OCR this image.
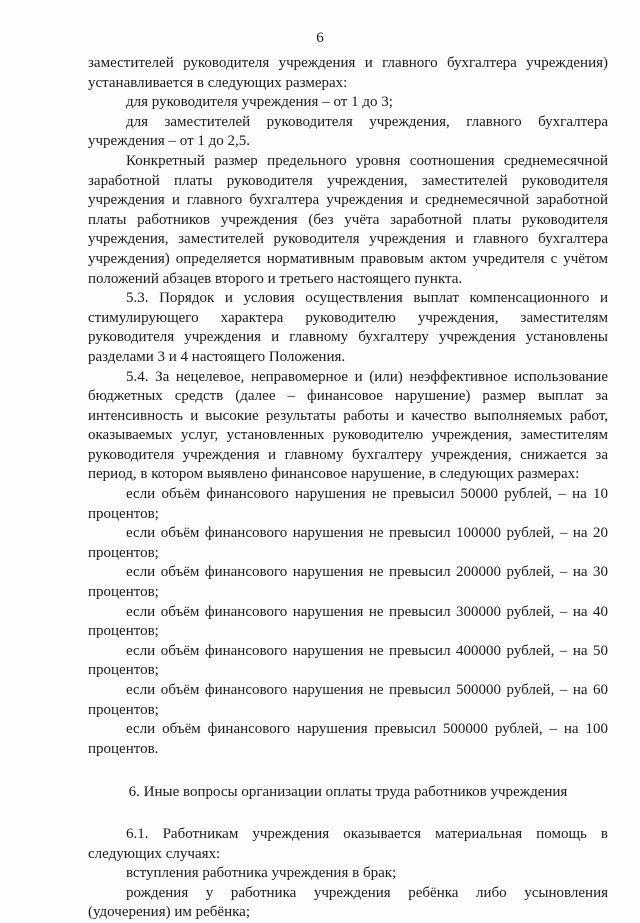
6

заместителей руководителя учреждения и главного бухгалтера учреждения) устанавливается в следующих размерах:

для руководителя учреждения – от 1 до 3;

для заместителей руководителя учреждения, главного бухгалтера учреждения – от 1 до 2,5.

Конкретный размер предельного уровня соотношения среднемесячной заработной платы руководителя учреждения, заместителей руководителя учреждения и главного бухгалтера учреждения и среднемесячной заработной платы работников учреждения (без учёта заработной платы руководителя учреждения, заместителей руководителя учреждения и главного бухгалтера учреждения) определяется нормативным правовым актом учредителя с учётом положений абзацев второго и третьего настоящего пункта.

5.3. Порядок и условия осуществления выплат компенсационного и стимулирующего характера руководителю учреждения, заместителям руководителя учреждения и главному бухгалтеру учреждения установлены разделами 3 и 4 настоящего Положения.

5.4. За нецелевое, неправомерное и (или) неэффективное использование бюджетных средств (далее – финансовое нарушение) размер выплат за интенсивность и высокие результаты работы и качество выполняемых работ, оказываемых услуг, установленных руководителю учреждения, заместителям руководителя учреждения и главному бухгалтеру учреждения, снижается за период, в котором выявлено финансовое нарушение, в следующих размерах:

если объём финансового нарушения не превысил 50000 рублей, – на 10 процентов;

если объём финансового нарушения не превысил 100000 рублей, – на 20 процентов;

если объём финансового нарушения не превысил 200000 рублей, – на 30 процентов;

если объём финансового нарушения не превысил 300000 рублей, – на 40 процентов;

если объём финансового нарушения не превысил 400000 рублей, – на 50 процентов;

если объём финансового нарушения не превысил 500000 рублей, – на 60 процентов;

если объём финансового нарушения превысил 500000 рублей, – на 100 процентов.

6. Иные вопросы организации оплаты труда работников учреждения

6.1. Работникам учреждения оказывается материальная помощь в следующих случаях:

вступления работника учреждения в брак;

рождения у работника учреждения ребёнка либо усыновления (удочерения) им ребёнка;
